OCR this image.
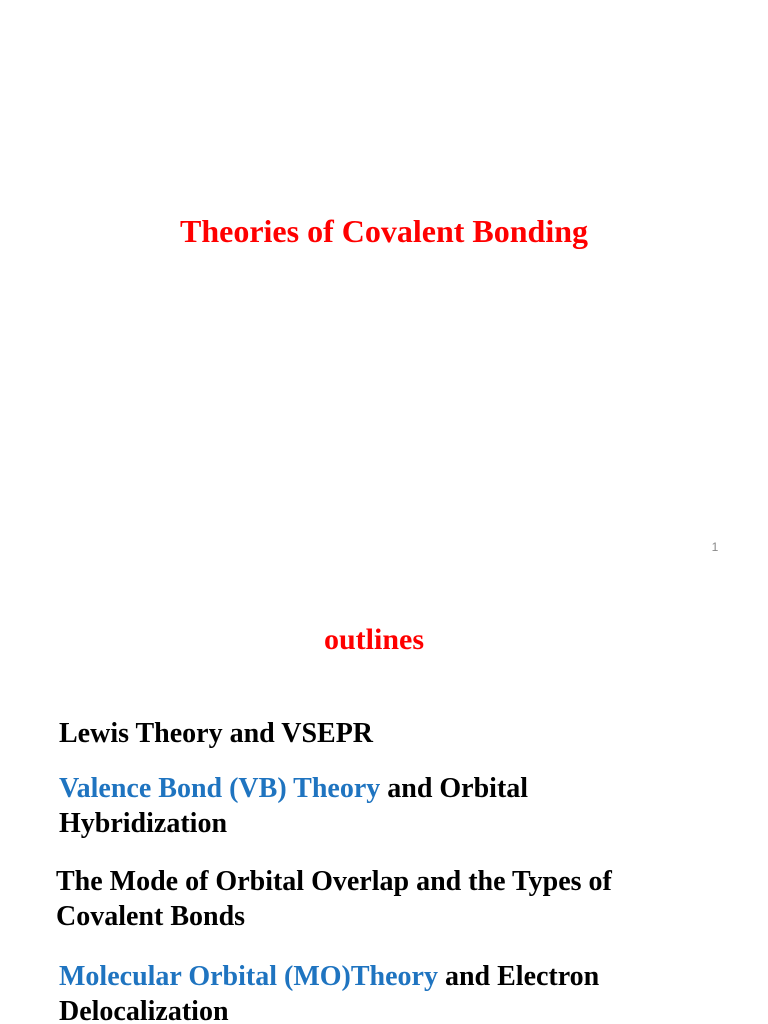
Theories of Covalent Bonding
1
outlines
Lewis Theory and VSEPR
Valence Bond (VB) Theory and Orbital Hybridization
The Mode of Orbital Overlap and the Types of Covalent Bonds
Molecular Orbital (MO)Theory and Electron Delocalization
